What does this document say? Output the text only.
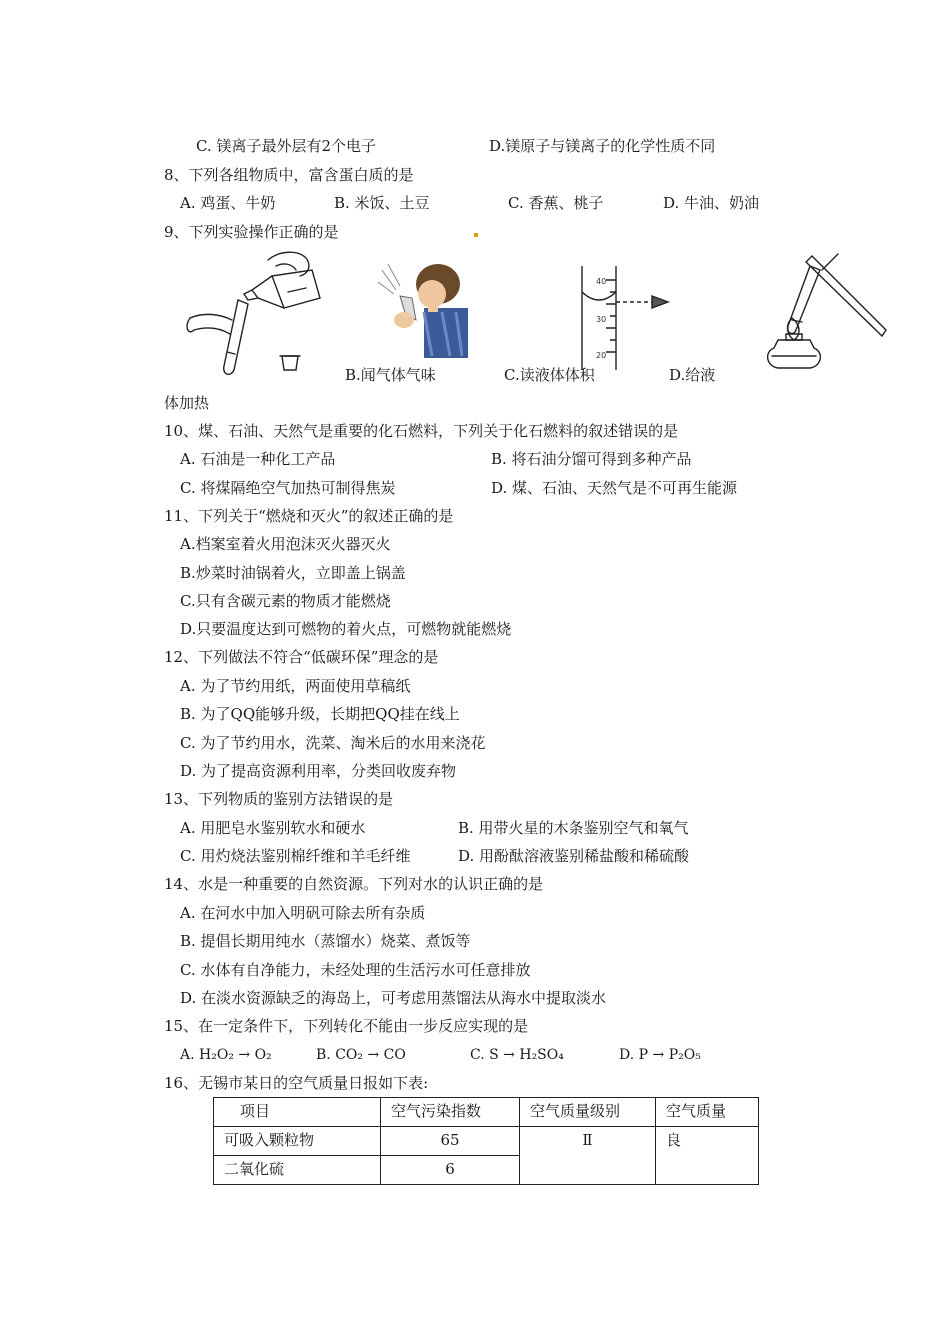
C. 镁离子最外层有2个电子	D.镁原子与镁离子的化学性质不同
8、下列各组物质中，富含蛋白质的是
A. 鸡蛋、牛奶	B. 米饭、土豆	C. 香蕉、桃子	D. 牛油、奶油
9、下列实验操作正确的是
40
30
20
B.闻气体气味	C.读液体体积	D.给液
体加热
10、煤、石油、天然气是重要的化石燃料，下列关于化石燃料的叙述错误的是
A. 石油是一种化工产品	B. 将石油分馏可得到多种产品
C. 将煤隔绝空气加热可制得焦炭	D. 煤、石油、天然气是不可再生能源
11、下列关于“燃烧和灭火”的叙述正确的是
A.档案室着火用泡沫灭火器灭火
B.炒菜时油锅着火，立即盖上锅盖
C.只有含碳元素的物质才能燃烧
D.只要温度达到可燃物的着火点，可燃物就能燃烧
12、下列做法不符合“低碳环保”理念的是
A. 为了节约用纸，两面使用草稿纸
B. 为了QQ能够升级，长期把QQ挂在线上
C. 为了节约用水，洗菜、淘米后的水用来浇花
D. 为了提高资源利用率，分类回收废弃物
13、下列物质的鉴别方法错误的是
A. 用肥皂水鉴别软水和硬水	B. 用带火星的木条鉴别空气和氧气
C. 用灼烧法鉴别棉纤维和羊毛纤维	D. 用酚酞溶液鉴别稀盐酸和稀硫酸
14、水是一种重要的自然资源。下列对水的认识正确的是
A. 在河水中加入明矾可除去所有杂质
B. 提倡长期用纯水（蒸馏水）烧菜、煮饭等
C. 水体有自净能力，未经处理的生活污水可任意排放
D. 在淡水资源缺乏的海岛上，可考虑用蒸馏法从海水中提取淡水
15、在一定条件下，下列转化不能由一步反应实现的是
A. H₂O₂ → O₂	B. CO₂ → CO	C. S → H₂SO₄	D. P → P₂O₅
16、无锡市某日的空气质量日报如下表:
项目	空气污染指数	空气质量级别	空气质量
可吸入颗粒物	65	Ⅱ	良
二氧化硫	6		
